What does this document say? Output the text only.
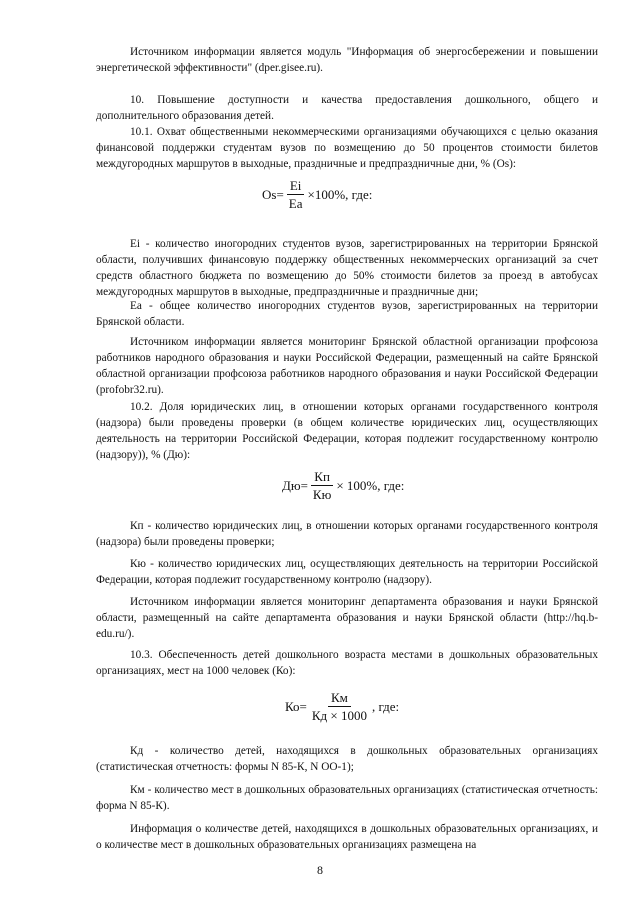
Источником информации является модуль "Информация об энергосбережении и повышении энергетической эффективности" (dper.gisee.ru).
10. Повышение доступности и качества предоставления дошкольного, общего и дополнительного образования детей.
10.1. Охват общественными некоммерческими организациями обучающихся с целью оказания финансовой поддержки студентам вузов по возмещению до 50 процентов стоимости билетов междугородных маршрутов в выходные, праздничные и предпраздничные дни, % (Os):
$Os= \frac{Ei}{Ea} \times 100\%$, где:
Ei - количество иногородних студентов вузов, зарегистрированных на территории Брянской области, получивших финансовую поддержку общественных некоммерческих организаций за счет средств областного бюджета по возмещению до 50% стоимости билетов за проезд в автобусах междугородных маршрутов в выходные, предпраздничные и праздничные дни;
Ea - общее количество иногородних студентов вузов, зарегистрированных на территории Брянской области.
Источником информации является мониторинг Брянской областной организации профсоюза работников народного образования и науки Российской Федерации, размещенный на сайте Брянской областной организации профсоюза работников народного образования и науки Российской Федерации (profobr32.ru).
10.2. Доля юридических лиц, в отношении которых органами государственного контроля (надзора) были проведены проверки (в общем количестве юридических лиц, осуществляющих деятельность на территории Российской Федерации, которая подлежит государственному контролю (надзору)), % (Дю):
$Дю= \frac{Кп}{Кю} \times 100\%$, где:
Кп - количество юридических лиц, в отношении которых органами государственного контроля (надзора) были проведены проверки;
Кю - количество юридических лиц, осуществляющих деятельность на территории Российской Федерации, которая подлежит государственному контролю (надзору).
Источником информации является мониторинг департамента образования и науки Брянской области, размещенный на сайте департамента образования и науки Брянской области (http://hq.b-edu.ru/).
10.3. Обеспеченность детей дошкольного возраста местами в дошкольных образовательных организациях, мест на 1000 человек (Ко):
$Ко= \frac{Км}{Кд \times 1000}$ , где:
Кд - количество детей, находящихся в дошкольных образовательных организациях (статистическая отчетность: формы N 85-К, N ОО-1);
Км - количество мест в дошкольных образовательных организациях (статистическая отчетность: форма N 85-К).
Информация о количестве детей, находящихся в дошкольных образовательных организациях, и о количестве мест в дошкольных образовательных организациях размещена на
8
